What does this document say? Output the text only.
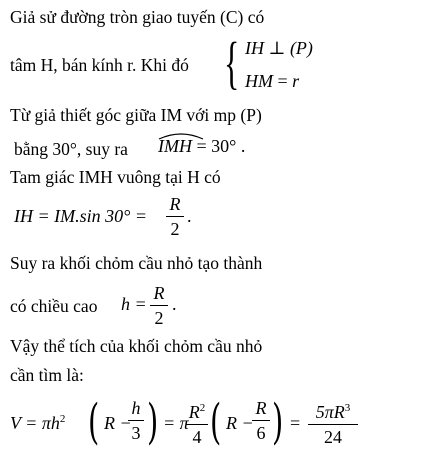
Giả sử đường tròn giao tuyến (C) có
tâm H, bán kính r. Khi đó { IH ⊥ (P)
HM = r
Từ giả thiết góc giữa IM với mp (P)
bằng 30°, suy ra IMH = 30° .
Tam giác IMH vuông tại H có
IH = IM.sin 30° =
R
2
.
Suy ra khối chỏm cầu nhỏ tạo thành
có chiều cao h =
R
2
.
Vậy thể tích của khối chỏm cầu nhỏ
cần tìm là:
$V = \pi h^2$ ( R −
h
3 ) = π
$R^2$
4 ( R −
R
6 ) =
$5\pi R^3$
24
